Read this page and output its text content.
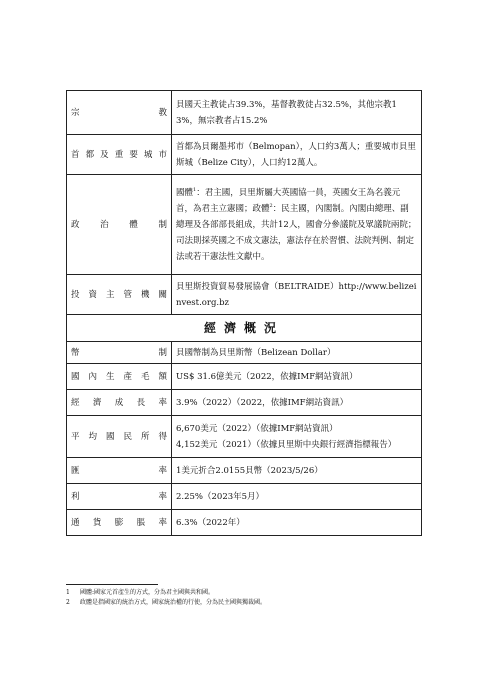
宗　　教	貝國天主教徒占39.3%，基督教教徒占32.5%，其他宗教13%，無宗教者占15.2%

首都及重要城市	首都為貝爾墨邦市（Belmopan），人口約3萬人；重要城市貝里斯城（Belize City），人口約12萬人。

政　治　體　制	國體$^1$：君主國，貝里斯屬大英國協一員，英國女王為名義元首，為君主立憲國；政體$^2$：民主國，內閣制。內閣由總理、副總理及各部部長組成，共計12人，國會分參議院及眾議院兩院；司法則採英國之不成文憲法，憲法存在於習慣、法院判例、制定法或若干憲法性文獻中。

投資主管機關	貝里斯投資貿易發展協會（BELTRAIDE）http://www.belizeinvest.org.bz
經濟概況	

幣　　制	貝國幣制為貝里斯幣（Belizean Dollar）

國內生產毛額	US$ 31.6億美元（2022，依據IMF網站資訊）

經濟成長率	3.9%（2022）（2022，依據IMF網站資訊）

平均國民所得	6,670美元（2022）（依據IMF網站資訊）
4,152美元（2021）（依據貝里斯中央銀行經濟指標報告）

匯　　率	1美元折合2.0155貝幣（2023/5/26）

利　　率	2.25%（2023年5月）

通貨膨脹率	6.3%（2022年）
1	國體:國家元首產生的方式，分為君主國與共和國。
2	政體是指國家的統治方式，國家統治權的行使，分為民主國與獨裁國。
